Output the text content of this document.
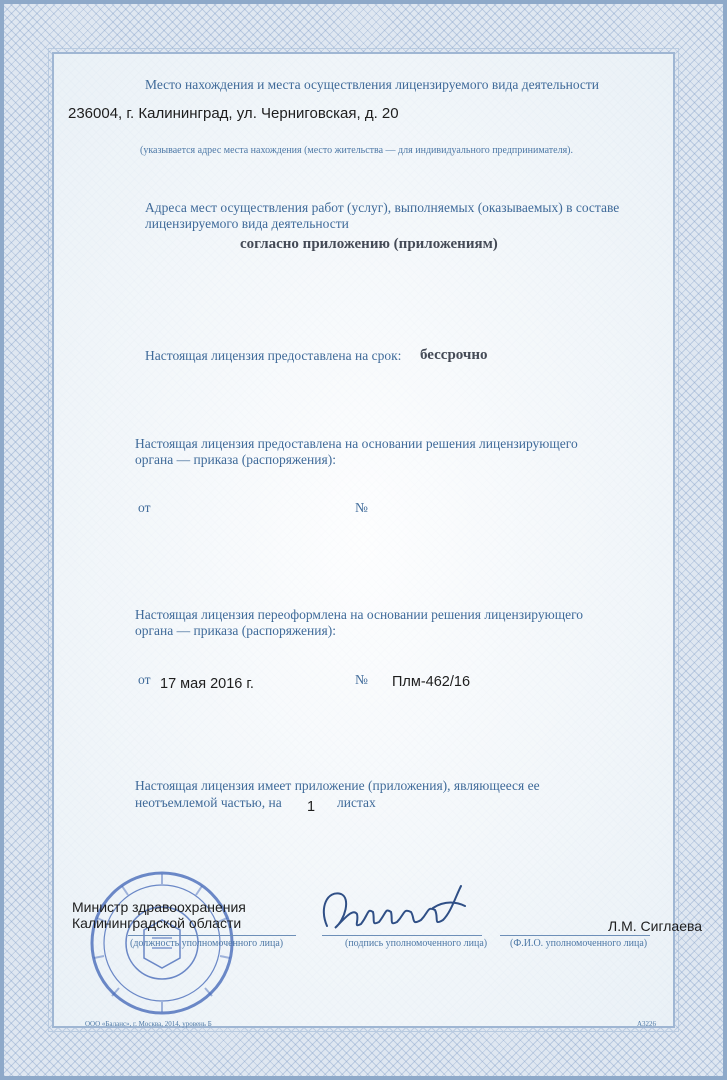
Место нахождения и места осуществления лицензируемого вида деятельности
236004, г. Калининград, ул. Черниговская, д. 20
(указывается адрес места нахождения (место жительства — для индивидуального предпринимателя).
Адреса мест осуществления работ (услуг), выполняемых (оказываемых) в составе
лицензируемого вида деятельности
согласно приложению (приложениям)
Настоящая лицензия предоставлена на срок: бессрочно
Настоящая лицензия предоставлена на основании решения лицензирующего
органа — приказа (распоряжения):
от	№
Настоящая лицензия переоформлена на основании решения лицензирующего
органа — приказа (распоряжения):
от 17 мая 2016 г.	№ Плм-462/16
Настоящая лицензия имеет приложение (приложения), являющееся ее
неотъемлемой частью, на 1 листах
Министр здравоохранения
Калининградской области
(должность уполномоченного лица)	(подпись уполномоченного лица) (Ф.И.О. уполномоченного лица)
Л.М. Сиглаева
ООО «Баланс», г. Москва, 2014, уровень Б	А3226
